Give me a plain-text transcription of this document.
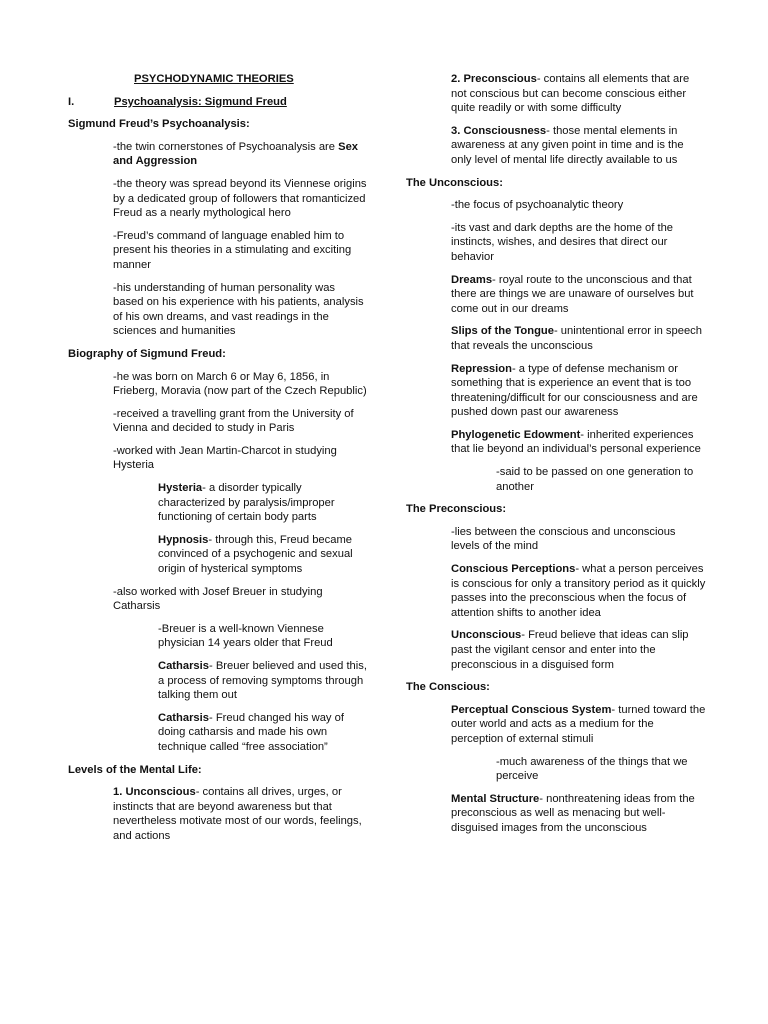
PSYCHODYNAMIC THEORIES

I.	Psychoanalysis: Sigmund Freud

Sigmund Freud’s Psychoanalysis:

-the twin cornerstones of Psychoanalysis are Sex and Aggression

-the theory was spread beyond its Viennese origins by a dedicated group of followers that romanticized Freud as a nearly mythological hero

-Freud’s command of language enabled him to present his theories in a stimulating and exciting manner

-his understanding of human personality was based on his experience with his patients, analysis of his own dreams, and vast readings in the sciences and humanities

Biography of Sigmund Freud:

-he was born on March 6 or May 6, 1856, in Frieberg, Moravia (now part of the Czech Republic)

-received a travelling grant from the University of Vienna and decided to study in Paris

-worked with Jean Martin-Charcot in studying Hysteria

Hysteria- a disorder typically characterized by paralysis/improper functioning of certain body parts

Hypnosis- through this, Freud became convinced of a psychogenic and sexual origin of hysterical symptoms

-also worked with Josef Breuer in studying Catharsis

-Breuer is a well-known Viennese physician 14 years older that Freud

Catharsis- Breuer believed and used this, a process of removing symptoms through talking them out

Catharsis- Freud changed his way of doing catharsis and made his own technique called “free association”

Levels of the Mental Life:

1. Unconscious- contains all drives, urges, or instincts that are beyond awareness but that nevertheless motivate most of our words, feelings, and actions

2. Preconscious- contains all elements that are not conscious but can become conscious either quite readily or with some difficulty

3. Consciousness- those mental elements in awareness at any given point in time and is the only level of mental life directly available to us

The Unconscious:

-the focus of psychoanalytic theory

-its vast and dark depths are the home of the instincts, wishes, and desires that direct our behavior

Dreams- royal route to the unconscious and that there are things we are unaware of ourselves but come out in our dreams

Slips of the Tongue- unintentional error in speech that reveals the unconscious

Repression- a type of defense mechanism or something that is experience an event that is too threatening/difficult for our consciousness and are pushed down past our awareness

Phylogenetic Edowment- inherited experiences that lie beyond an individual’s personal experience

-said to be passed on one generation to another

The Preconscious:

-lies between the conscious and unconscious levels of the mind

Conscious Perceptions- what a person perceives is conscious for only a transitory period as it quickly passes into the preconscious when the focus of attention shifts to another idea

Unconscious- Freud believe that ideas can slip past the vigilant censor and enter into the preconscious in a disguised form

The Conscious:

Perceptual Conscious System- turned toward the outer world and acts as a medium for the perception of external stimuli

-much awareness of the things that we perceive

Mental Structure- nonthreatening ideas from the preconscious as well as menacing but well-disguised images from the unconscious
